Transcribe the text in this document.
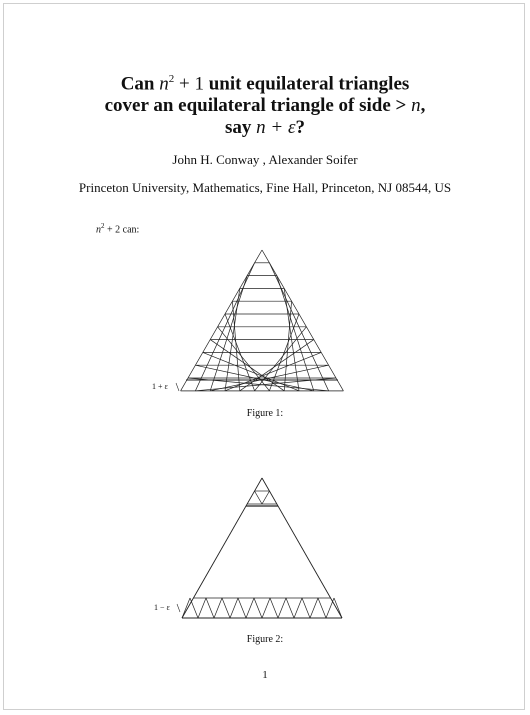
Can $n^2 + 1$ unit equilateral triangles
cover an equilateral triangle of side > n,
say n + ε?
John H. Conway , Alexander Soifer
Princeton University, Mathematics, Fine Hall, Princeton, NJ 08544, US
$n^2 + 2$ can:
1 + ε
Figure 1:
1 − ε
Figure 2:
1
